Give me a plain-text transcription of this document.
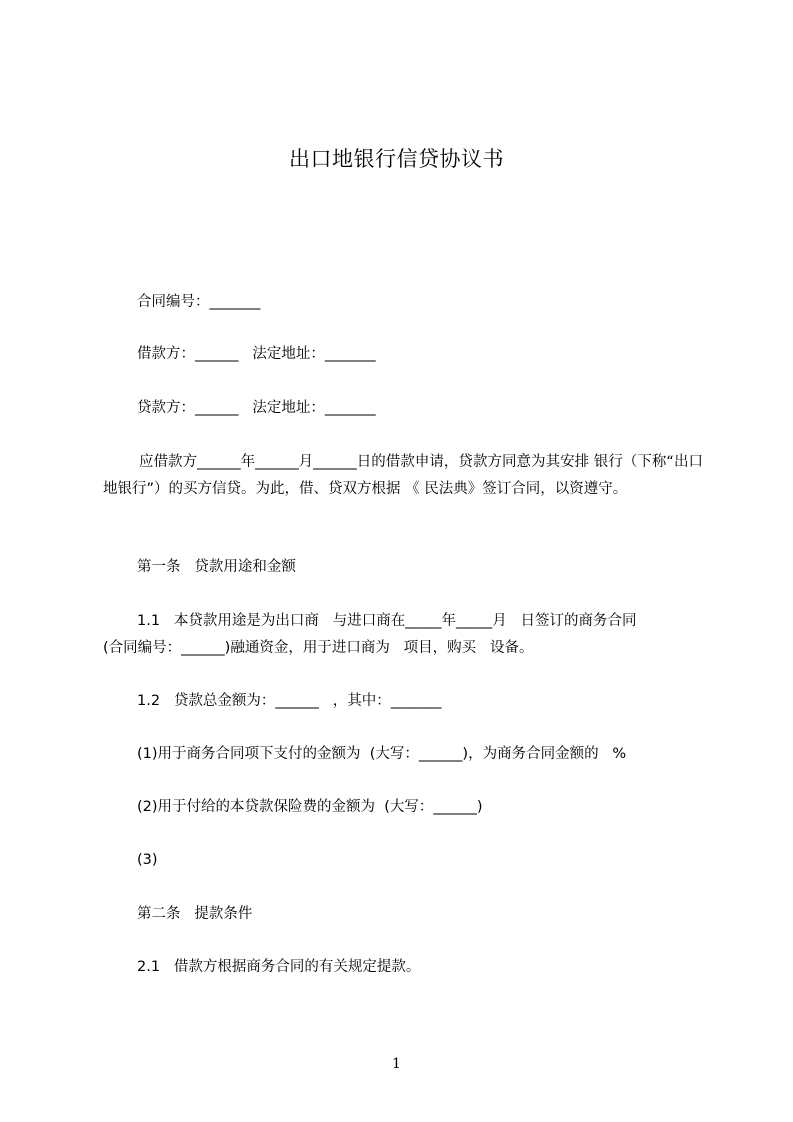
出口地银行信贷协议书
合同编号：_______
借款方：______   法定地址：_______
贷款方：______   法定地址：_______
应借款方______年______月______日的借款申请，贷款方同意为其安排 银行（下称“出口地银行”）的买方信贷。为此，借、贷双方根据 《 民法典》签订合同，以资遵守。
第一条   贷款用途和金额
1.1   本贷款用途是为出口商   与进口商在_____年_____月   日签订的商务合同
(合同编号：______)融通资金，用于进口商为   项目，购买   设备。
1.2   贷款总金额为：______   ，其中：_______
(1)用于商务合同项下支付的金额为  (大写：______)，为商务合同金额的   %
(2)用于付给的本贷款保险费的金额为  (大写：______)
(3)
第二条   提款条件
2.1   借款方根据商务合同的有关规定提款。
1
